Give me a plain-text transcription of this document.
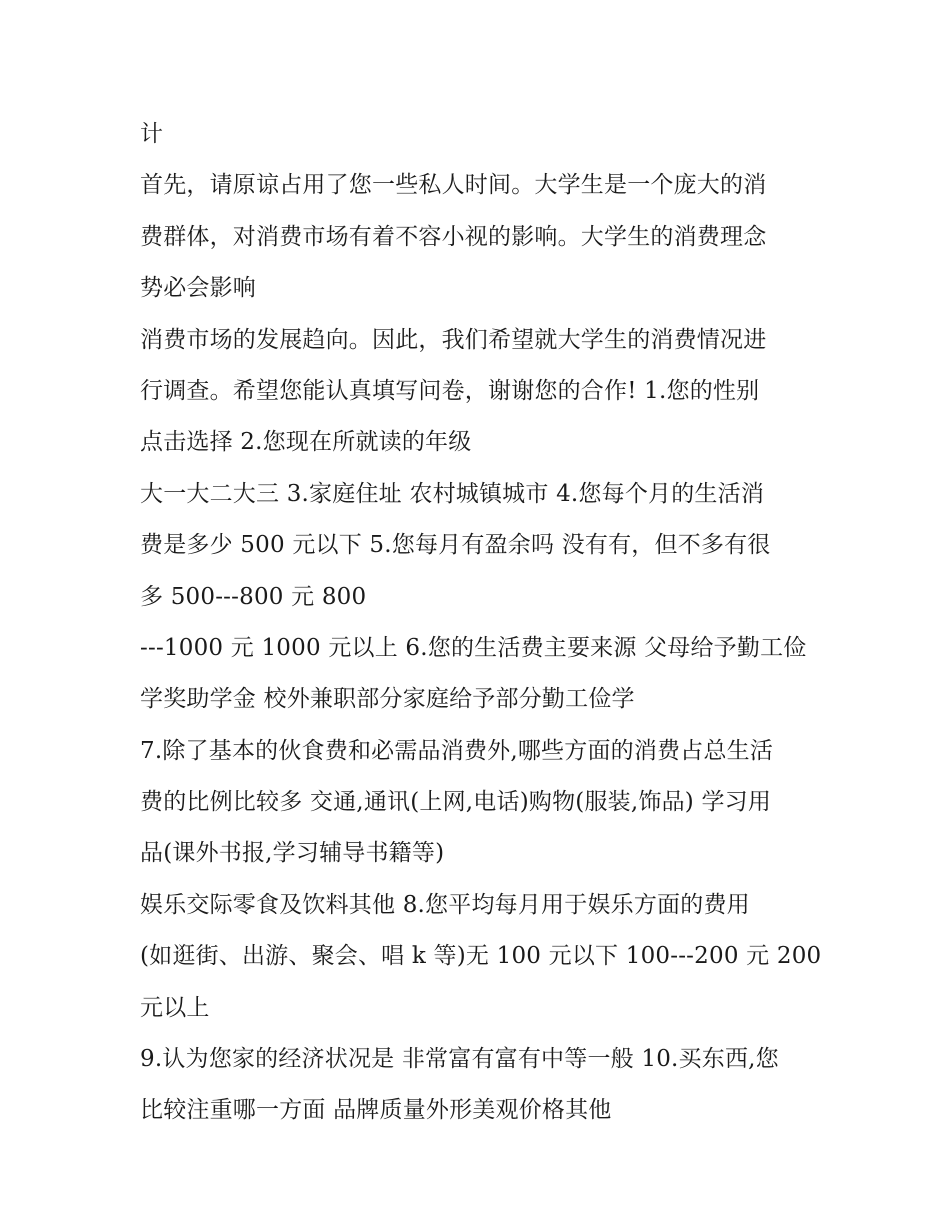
计
首先，请原谅占用了您一些私人时间。大学生是一个庞大的消
费群体，对消费市场有着不容小视的影响。大学生的消费理念
势必会影响
消费市场的发展趋向。因此，我们希望就大学生的消费情况进
行调查。希望您能认真填写问卷，谢谢您的合作! 1.您的性别
点击选择 2.您现在所就读的年级
大一大二大三 3.家庭住址 农村城镇城市 4.您每个月的生活消
费是多少 500 元以下 5.您每月有盈余吗 没有有，但不多有很
多 500---800 元 800
---1000 元 1000 元以上 6.您的生活费主要来源 父母给予勤工俭
学奖助学金 校外兼职部分家庭给予部分勤工俭学
7.除了基本的伙食费和必需品消费外,哪些方面的消费占总生活
费的比例比较多 交通,通讯(上网,电话)购物(服装,饰品) 学习用
品(课外书报,学习辅导书籍等)
娱乐交际零食及饮料其他 8.您平均每月用于娱乐方面的费用
(如逛街、出游、聚会、唱 k 等)无 100 元以下 100---200 元 200
元以上
9.认为您家的经济状况是 非常富有富有中等一般 10.买东西,您
比较注重哪一方面 品牌质量外形美观价格其他
